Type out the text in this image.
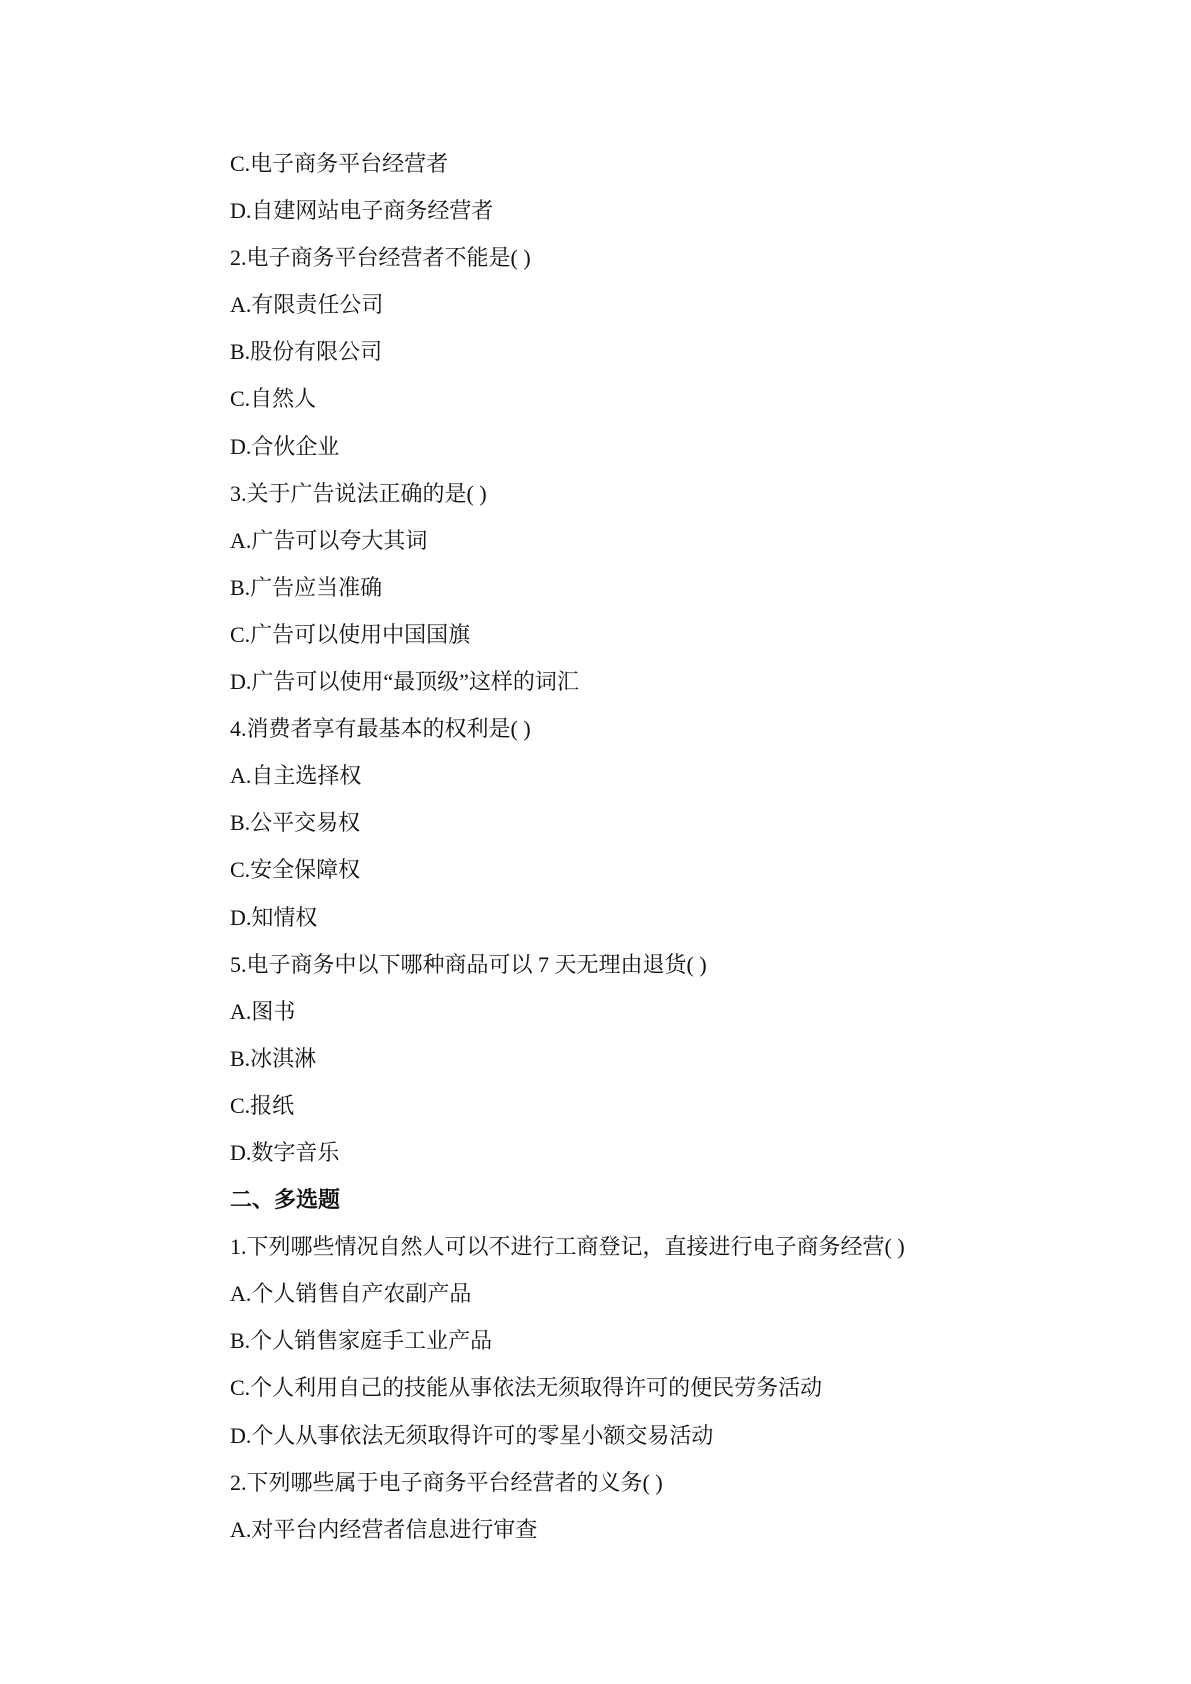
C.电子商务平台经营者
D.自建网站电子商务经营者
2.电子商务平台经营者不能是( )
A.有限责任公司
B.股份有限公司
C.自然人
D.合伙企业
3.关于广告说法正确的是( )
A.广告可以夸大其词
B.广告应当准确
C.广告可以使用中国国旗
D.广告可以使用“最顶级”这样的词汇
4.消费者享有最基本的权利是( )
A.自主选择权
B.公平交易权
C.安全保障权
D.知情权
5.电子商务中以下哪种商品可以 7 天无理由退货( )
A.图书
B.冰淇淋
C.报纸
D.数字音乐
二、多选题
1.下列哪些情况自然人可以不进行工商登记，直接进行电子商务经营( )
A.个人销售自产农副产品
B.个人销售家庭手工业产品
C.个人利用自己的技能从事依法无须取得许可的便民劳务活动
D.个人从事依法无须取得许可的零星小额交易活动
2.下列哪些属于电子商务平台经营者的义务( )
A.对平台内经营者信息进行审查
